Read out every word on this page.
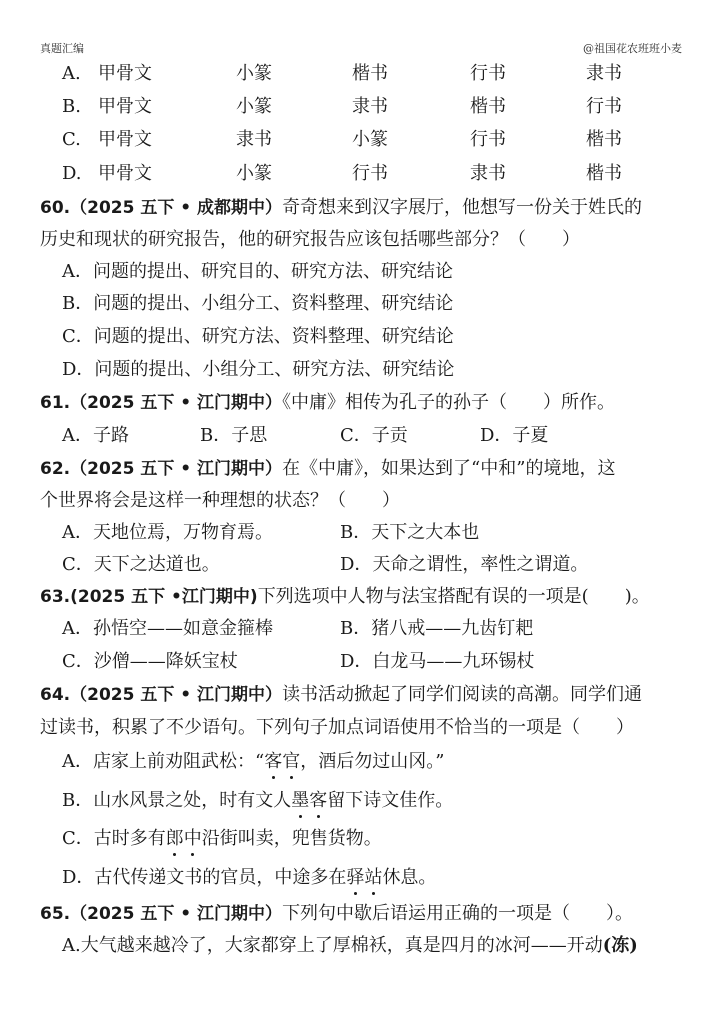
真题汇编	@祖国花农班班小麦
A. 甲骨文	小篆	楷书	行书	隶书
B. 甲骨文	小篆	隶书	楷书	行书
C. 甲骨文	隶书	小篆	行书	楷书
D. 甲骨文	小篆	行书	隶书	楷书
60.（2025 五下 • 成都期中）奇奇想来到汉字展厅，他想写一份关于姓氏的
历史和现状的研究报告，他的研究报告应该包括哪些部分？（　　）
A．问题的提出、研究目的、研究方法、研究结论
B．问题的提出、小组分工、资料整理、研究结论
C．问题的提出、研究方法、资料整理、研究结论
D．问题的提出、小组分工、研究方法、研究结论
61.（2025 五下 • 江门期中）《中庸》相传为孔子的孙子（　　）所作。
A．子路	B．子思	C．子贡	D．子夏
62.（2025 五下 • 江门期中）在《中庸》，如果达到了“中和”的境地，这
个世界将会是这样一种理想的状态？（　　）
A．天地位焉，万物育焉。	B．天下之大本也
C．天下之达道也。	D．天命之谓性，率性之谓道。
63.(2025 五下 •江门期中)下列选项中人物与法宝搭配有误的一项是(　　)。
A．孙悟空——如意金箍棒	B．猪八戒——九齿钉耙
C．沙僧——降妖宝杖	D．白龙马——九环锡杖
64.（2025 五下 • 江门期中）读书活动掀起了同学们阅读的高潮。同学们通
过读书，积累了不少语句。下列句子加点词语使用不恰当的一项是（　　）
A．店家上前劝阻武松：“客官，酒后勿过山冈。”
B．山水风景之处，时有文人墨客留下诗文佳作。
C．古时多有郎中沿街叫卖，兜售货物。
D．古代传递文书的官员，中途多在驿站休息。
65.（2025 五下 • 江门期中）下列句中歇后语运用正确的一项是（　　）。
A.大气越来越冷了，大家都穿上了厚棉袄，真是四月的冰河——开动(冻)
